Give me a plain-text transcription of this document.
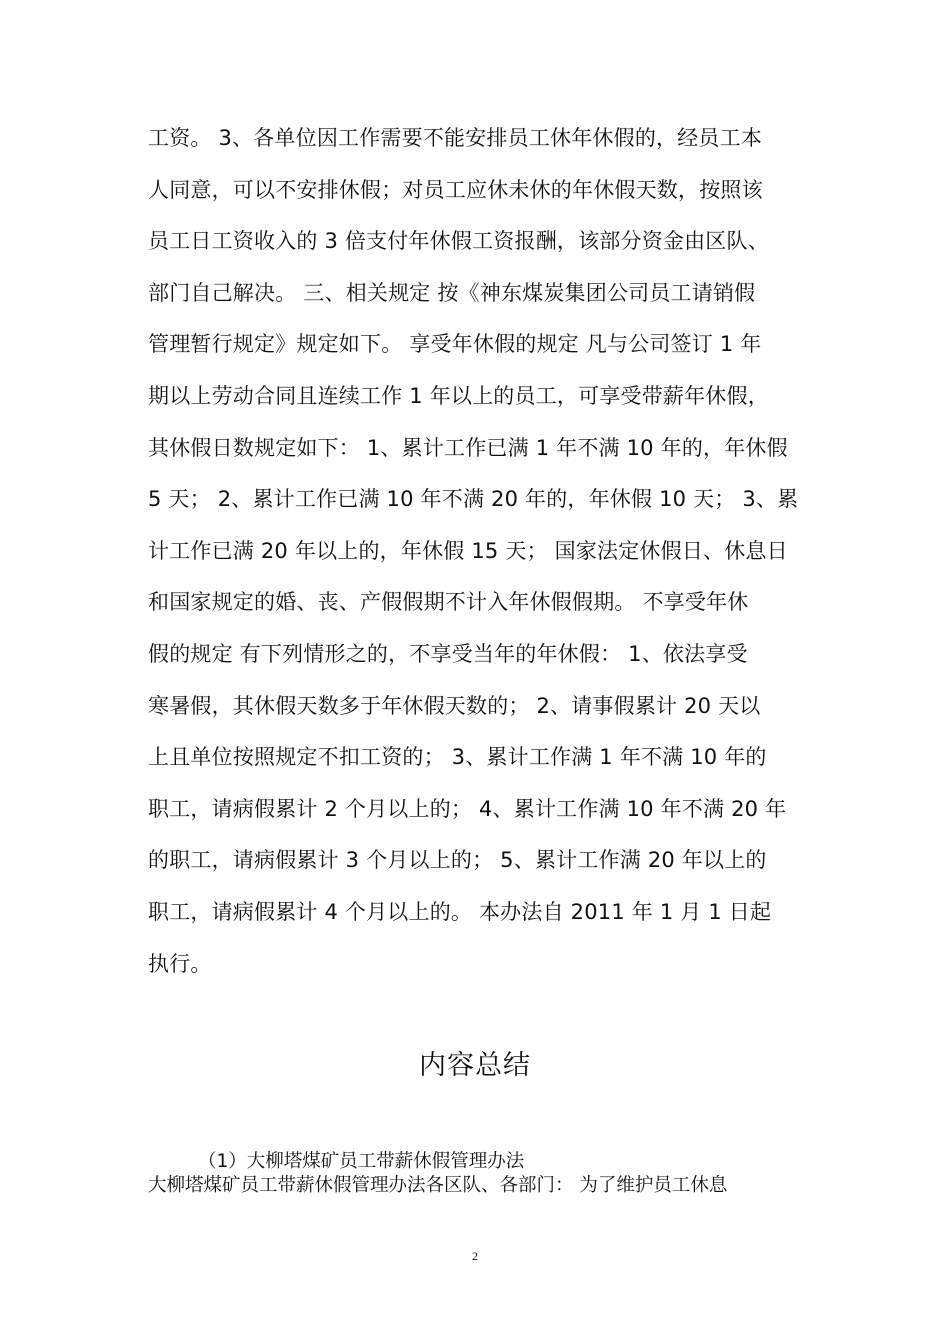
工资。 3、各单位因工作需要不能安排员工休年休假的，经员工本
人同意，可以不安排休假；对员工应休未休的年休假天数，按照该
员工日工资收入的 3 倍支付年休假工资报酬，该部分资金由区队、
部门自己解决。 三、相关规定 按《神东煤炭集团公司员工请销假
管理暂行规定》规定如下。 享受年休假的规定 凡与公司签订 1 年
期以上劳动合同且连续工作 1 年以上的员工，可享受带薪年休假，
其休假日数规定如下： 1、累计工作已满 1 年不满 10 年的，年休假
5 天； 2、累计工作已满 10 年不满 20 年的，年休假 10 天； 3、累
计工作已满 20 年以上的，年休假 15 天； 国家法定休假日、休息日
和国家规定的婚、丧、产假假期不计入年休假假期。 不享受年休
假的规定 有下列情形之的，不享受当年的年休假： 1、依法享受
寒暑假，其休假天数多于年休假天数的； 2、请事假累计 20 天以
上且单位按照规定不扣工资的； 3、累计工作满 1 年不满 10 年的
职工，请病假累计 2 个月以上的； 4、累计工作满 10 年不满 20 年
的职工，请病假累计 3 个月以上的； 5、累计工作满 20 年以上的
职工，请病假累计 4 个月以上的。 本办法自 2011 年 1 月 1 日起
执行。
内容总结
（1）大柳塔煤矿员工带薪休假管理办法
大柳塔煤矿员工带薪休假管理办法各区队、各部门： 为了维护员工休息
2
